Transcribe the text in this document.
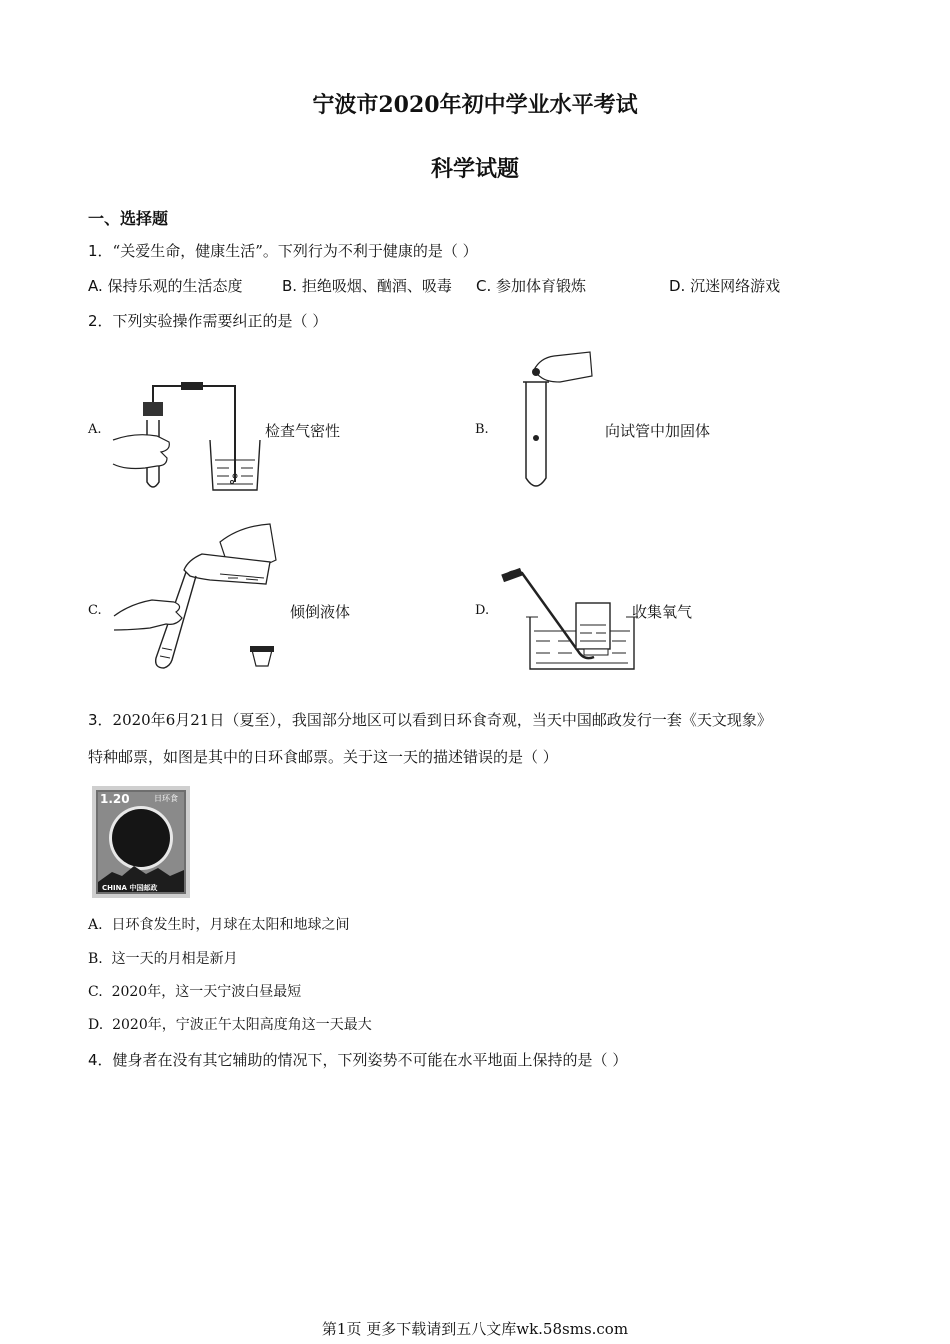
宁波市2020年初中学业水平考试
科学试题
一、选择题
1．“关爱生命，健康生活”。下列行为不利于健康的是（ ）
A. 保持乐观的生活态度	B. 拒绝吸烟、酗酒、吸毒 C. 参加体育锻炼	D. 沉迷网络游戏
2．下列实验操作需要纠正的是（ ）
A.	检查气密性	B.	向试管中加固体
C.	倾倒液体	D.	收集氧气
3．2020年6月21日（夏至），我国部分地区可以看到日环食奇观，当天中国邮政发行一套《天文现象》
特种邮票，如图是其中的日环食邮票。关于这一天的描述错误的是（ ）
1.20	日环食
CHINA 中国邮政
A. 日环食发生时，月球在太阳和地球之间
B. 这一天的月相是新月
C. 2020年，这一天宁波白昼最短
D. 2020年，宁波正午太阳高度角这一天最大
4．健身者在没有其它辅助的情况下，下列姿势不可能在水平地面上保持的是（ ）
第1页 更多下载请到五八文库wk.58sms.com
